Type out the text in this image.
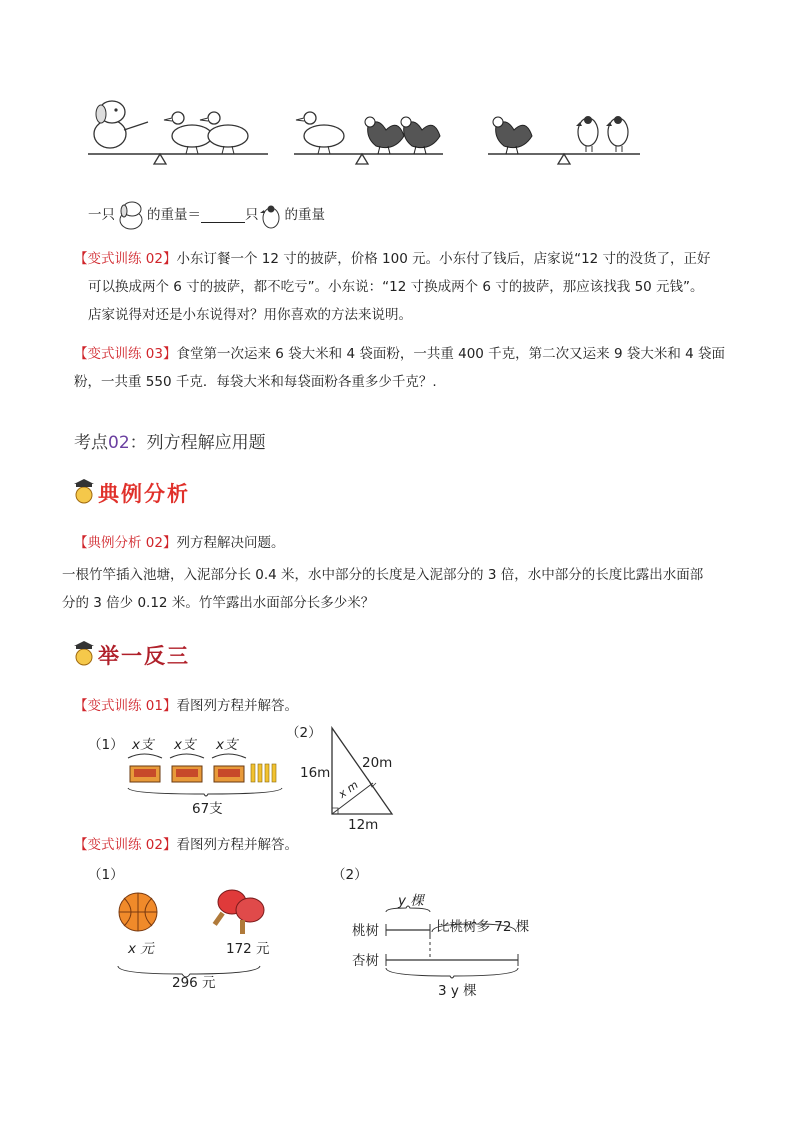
一只 的重量＝	只 的重量
【变式训练 02】小东订餐一个 12 寸的披萨，价格 100 元。小东付了钱后，店家说“12 寸的没货了，正好
可以换成两个 6 寸的披萨，都不吃亏”。小东说：“12 寸换成两个 6 寸的披萨，那应该找我 50 元钱”。
店家说得对还是小东说得对？用你喜欢的方法来说明。
【变式训练 03】食堂第一次运来 6 袋大米和 4 袋面粉，一共重 400 千克，第二次又运来 9 袋大米和 4 袋面
粉，一共重 550 千克．每袋大米和每袋面粉各重多少千克？.
考点02：列方程解应用题
典例分析
【典例分析 02】列方程解决问题。
一根竹竿插入池塘，入泥部分长 0.4 米，水中部分的长度是入泥部分的 3 倍，水中部分的长度比露出水面部
分的 3 倍少 0.12 米。竹竿露出水面部分长多少米？
举一反三
【变式训练 01】看图列方程并解答。
（1） x支 x支 x支
67支
（2）
16m
20m
x m
12m
【变式训练 02】看图列方程并解答。
（1）
x 元	172 元
296 元
（2）
y 棵
桃树
杏树
比桃树多 72 棵
3 y 棵
